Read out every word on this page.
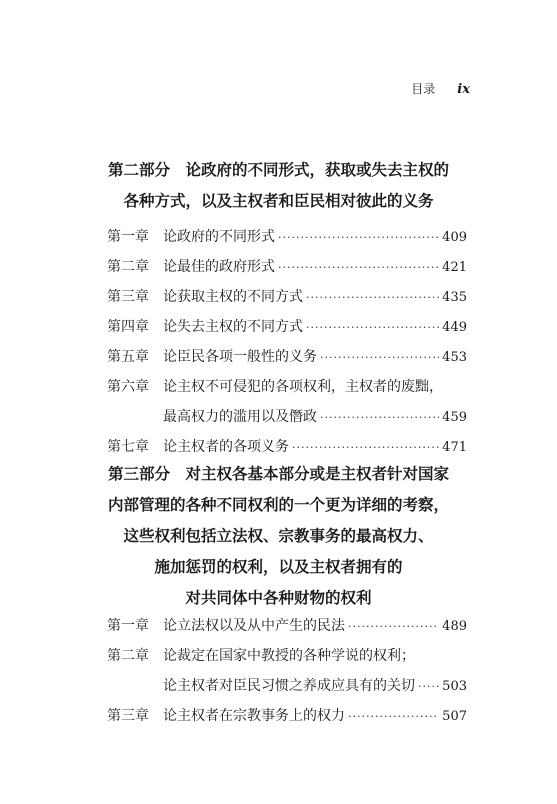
目录 ix
第二部分　论政府的不同形式，获取或失去主权的
各种方式，以及主权者和臣民相对彼此的义务
第一章	论政府的不同形式 ·····	409
第二章	论最佳的政府形式 ·····	421
第三章	论获取主权的不同方式 ·····	435
第四章	论失去主权的不同方式 ·····	449
第五章	论臣民各项一般性的义务 ·····	453
第六章	论主权不可侵犯的各项权利，主权者的废黜，
最高权力的滥用以及僭政 ·····	459
第七章	论主权者的各项义务 ·····	471
第三部分　对主权各基本部分或是主权者针对国家
内部管理的各种不同权利的一个更为详细的考察，
这些权利包括立法权、宗教事务的最高权力、
施加惩罚的权利，以及主权者拥有的
对共同体中各种财物的权利
第一章	论立法权以及从中产生的民法 ·····	489
第二章	论裁定在国家中教授的各种学说的权利；
论主权者对臣民习惯之养成应具有的关切 ····· 503
第三章	论主权者在宗教事务上的权力 ·····	507
